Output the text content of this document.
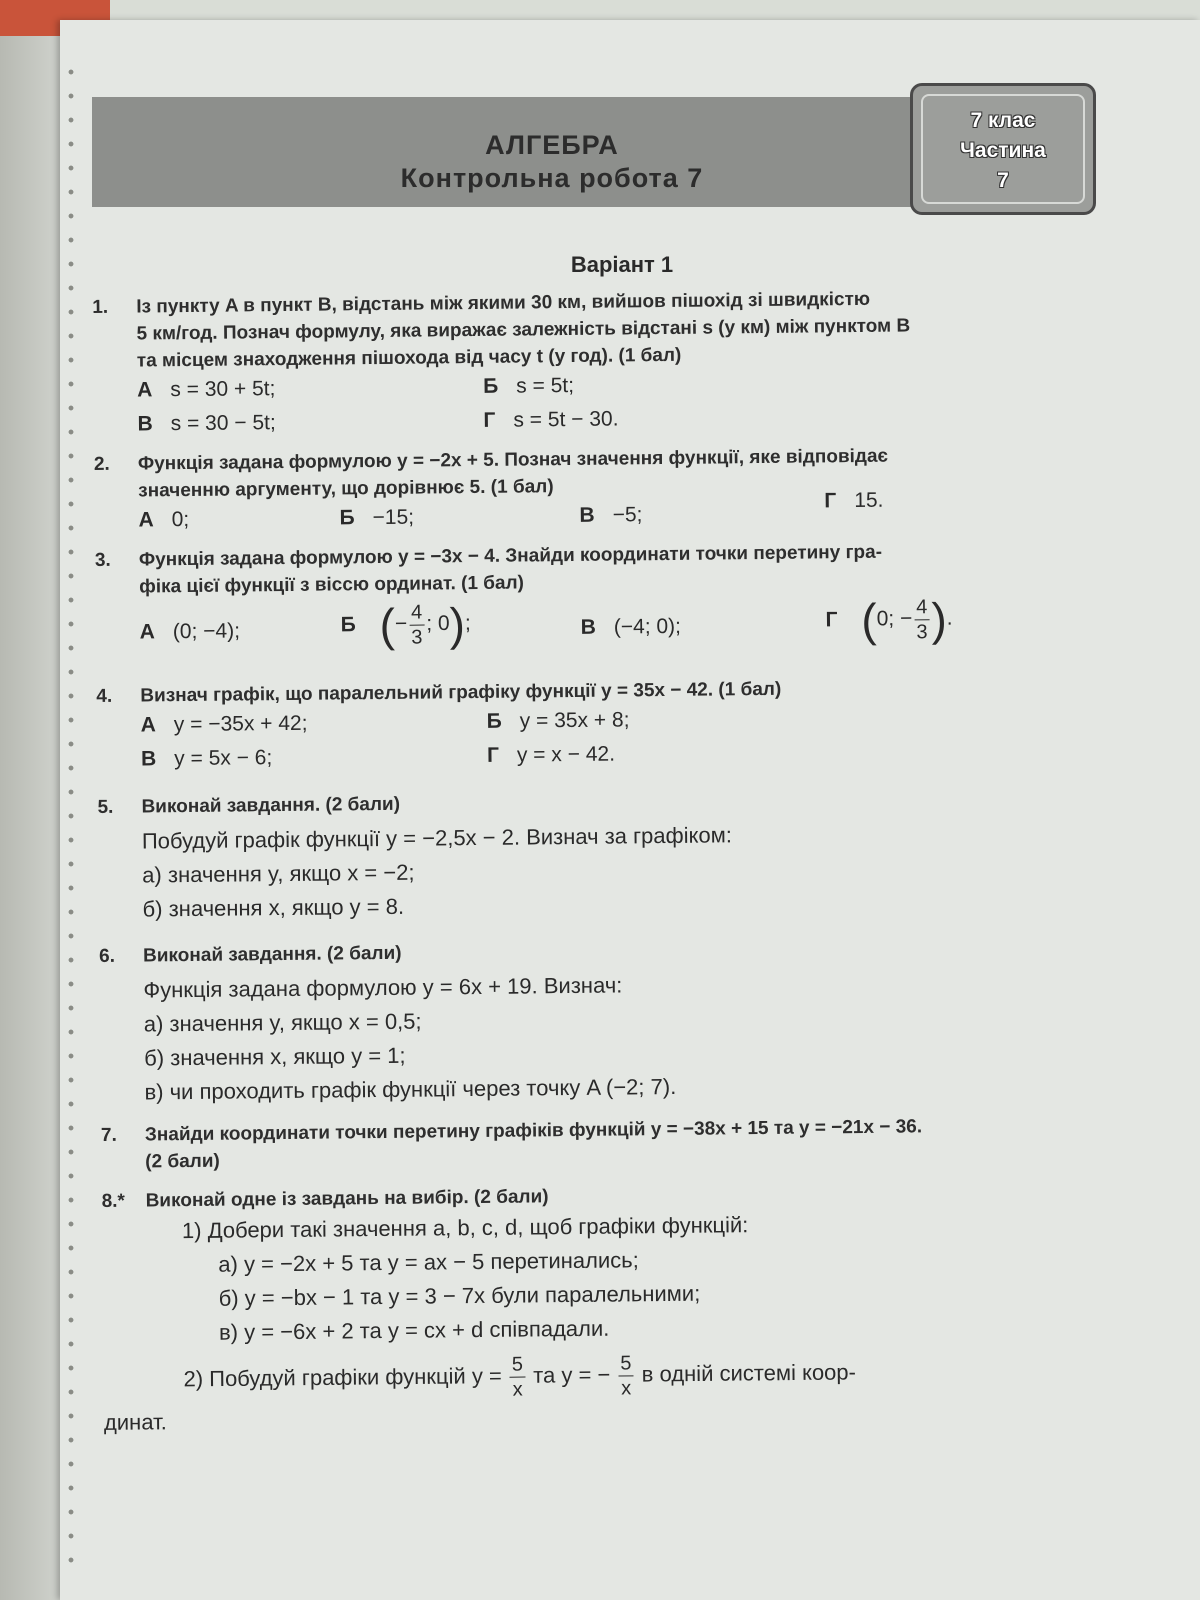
АЛГЕБРА
Контрольна робота 7
7 клас
Частина
7
Варіант 1
1. Із пункту A в пункт B, відстань між якими 30 км, вийшов пішохід зі швидкістю
5 км/год. Познач формулу, яка виражає залежність відстані s (у км) між пунктом B
та місцем знаходження пішохода від часу t (у год). (1 бал)
А s = 30 + 5t;	Б s = 5t;
В s = 30 − 5t;	Г s = 5t − 30.
2. Функція задана формулою y = −2x + 5. Познач значення функції, яке відповідає
значенню аргументу, що дорівнює 5. (1 бал)
А 0;	Б −15;	В −5;
Г 15.
3. Функція задана формулою y = −3x − 4. Знайди координати точки перетину гра-
фіка цієї функції з віссю ординат. (1 бал)
А (0; −4);	Б (− $\frac{4}{3}$ ; 0);	В (−4; 0);	Г (0; − $\frac{4}{3}$ ).
4. Визнач графік, що паралельний графіку функції y = 35x − 42. (1 бал)
А y = −35x + 42;	Б y = 35x + 8;
В y = 5x − 6;	Г y = x − 42.
5. Виконай завдання. (2 бали)
Побудуй графік функції y = −2,5x − 2. Визнач за графіком:
а) значення y, якщо x = −2;
б) значення x, якщо y = 8.
6. Виконай завдання. (2 бали)
Функція задана формулою y = 6x + 19. Визнач:
а) значення y, якщо x = 0,5;
б) значення x, якщо y = 1;
в) чи проходить графік функції через точку A (−2; 7).
7. Знайди координати точки перетину графіків функцій y = −38x + 15 та y = −21x − 36.
(2 бали)
8.* Виконай одне із завдань на вибір. (2 бали)
1) Добери такі значення a, b, c, d, щоб графіки функцій:
а) y = −2x + 5 та y = ax − 5 перетинались;
б) y = −bx − 1 та y = 3 − 7x були паралельними;
в) y = −6x + 2 та y = cx + d співпадали.
2) Побудуй графіки функцій $y = \frac{5}{x}$ та y = − $\frac{5}{x}$ в одній системі коор-
динат.
